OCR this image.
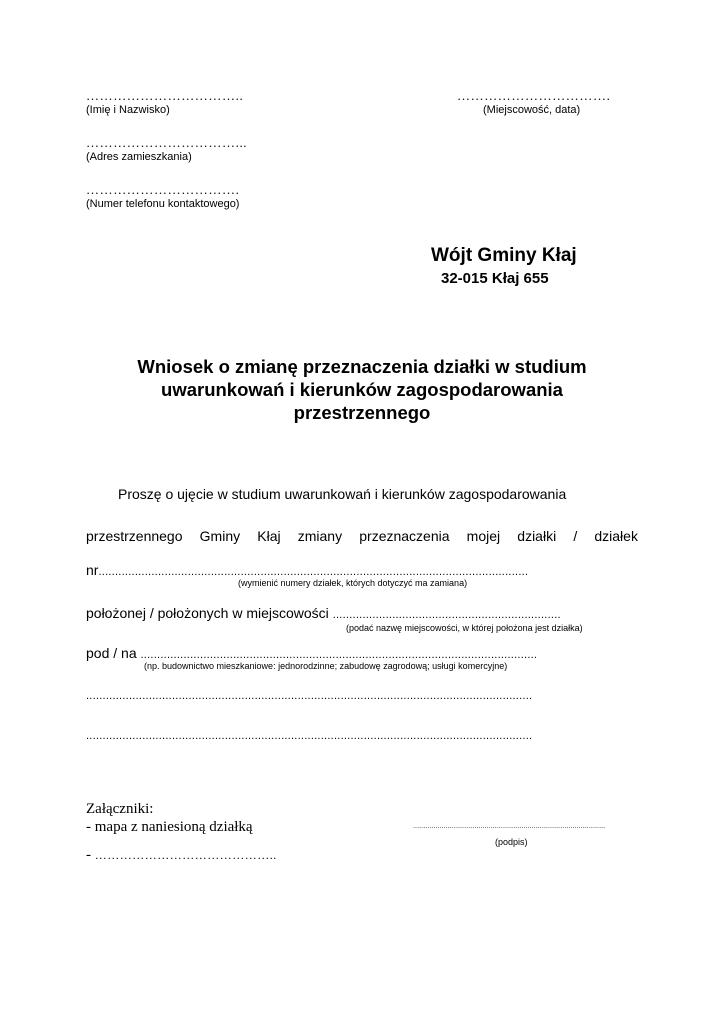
……………………………..
(Imię i Nazwisko)
…………………………….
(Miejscowość, data)
……………………………...
(Adres zamieszkania)
…………………………….
(Numer telefonu kontaktowego)
Wójt Gminy Kłaj
32-015 Kłaj 655
Wniosek o zmianę przeznaczenia działki w studium
uwarunkowań i kierunków zagospodarowania
przestrzennego
Proszę o ujęcie w studium uwarunkowań i kierunków zagospodarowania
przestrzennego Gminy Kłaj zmiany przeznaczenia mojej działki / działek
nr..................................................................................................................................
(wymienić numery działek, których dotyczyć ma zamiana)
położonej / położonych w miejscowości .....................................................................
(podać nazwę miejscowości, w której położona jest działka)
pod / na ........................................................................................................................
(np. budownictwo mieszkaniowe: jednorodzinne; zabudowę zagrodową; usługi komercyjne)
.......................................................................................................................................
.......................................................................................................................................
Załączniki:
- mapa z naniesioną działką
- ……………………………………..
..............................................................................................
(podpis)
